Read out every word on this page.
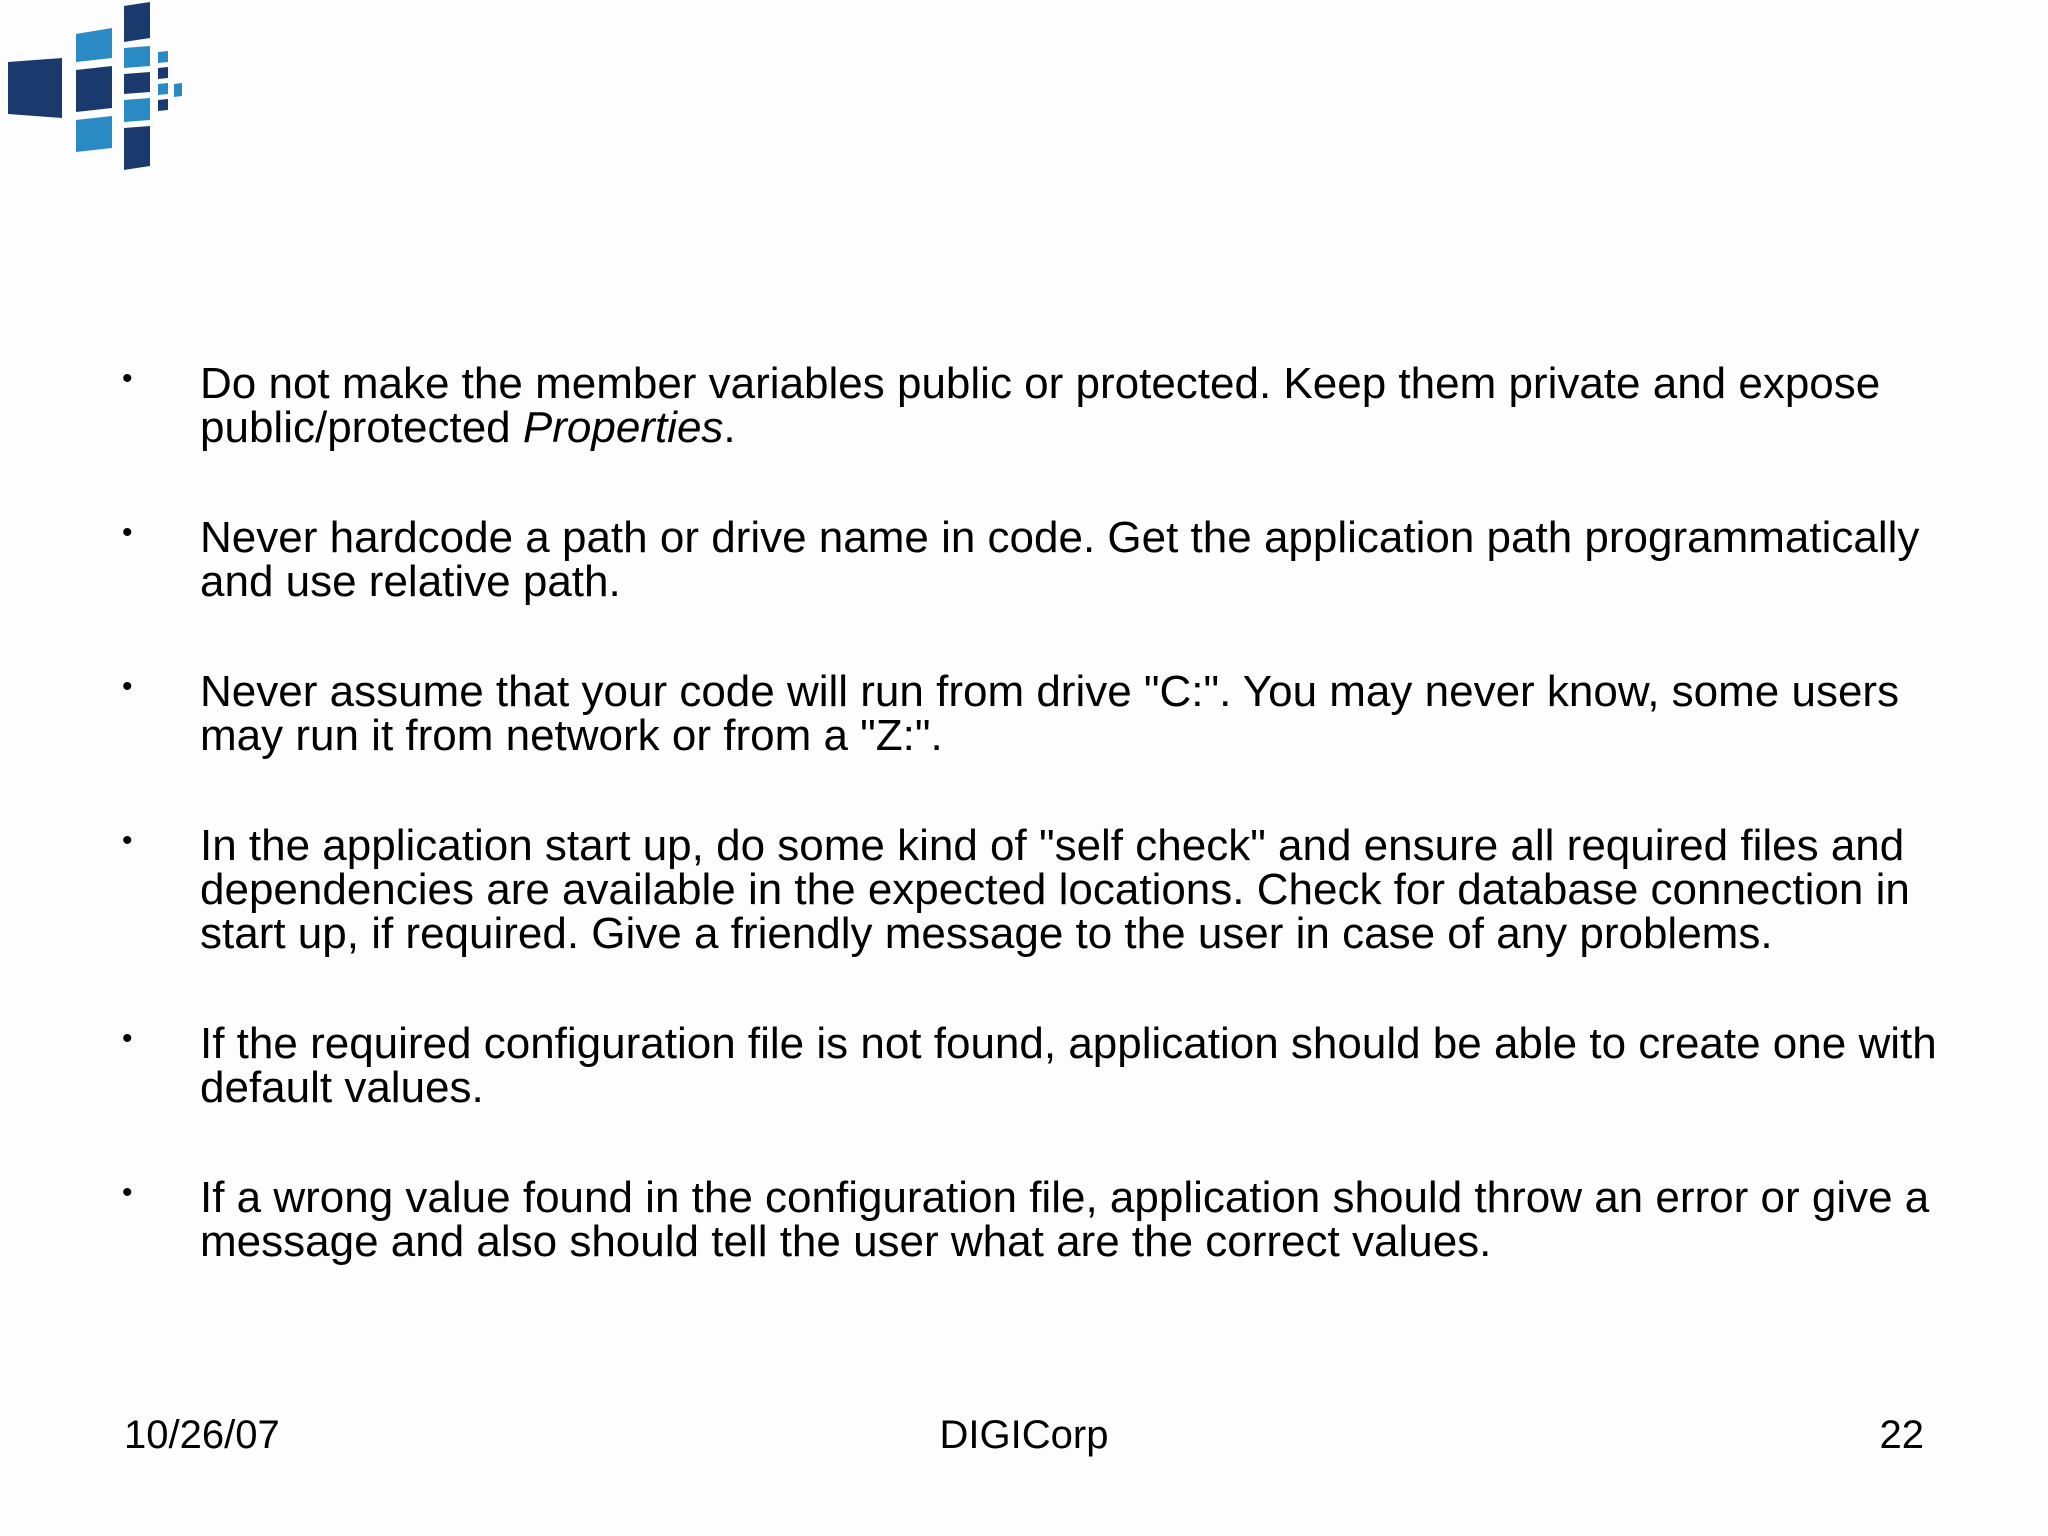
• Do not make the member variables public or protected. Keep them private and expose public/protected Properties.
• Never hardcode a path or drive name in code. Get the application path programmatically and use relative path.
• Never assume that your code will run from drive "C:". You may never know, some users may run it from network or from a "Z:".
• In the application start up, do some kind of "self check" and ensure all required files and dependencies are available in the expected locations. Check for database connection in start up, if required. Give a friendly message to the user in case of any problems.
• If the required configuration file is not found, application should be able to create one with default values.
• If a wrong value found in the configuration file, application should throw an error or give a message and also should tell the user what are the correct values.
10/26/07	DIGICorp	22
